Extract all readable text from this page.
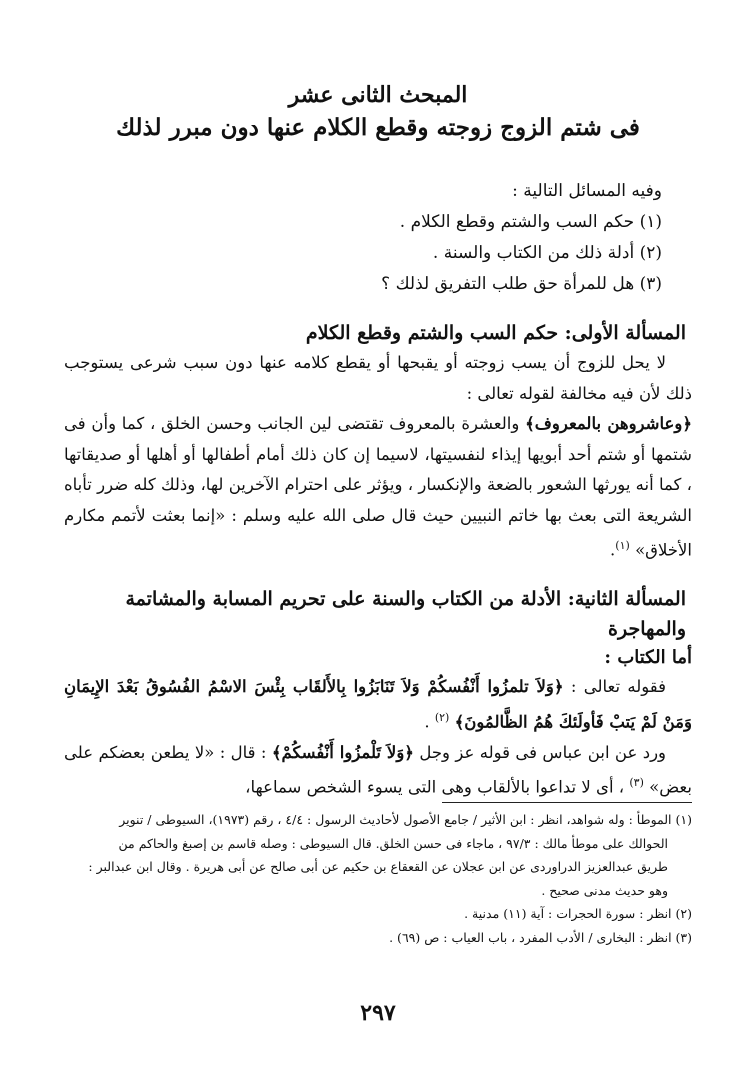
المبحث الثانى عشر
فى شتم الزوج زوجته وقطع الكلام عنها دون مبرر لذلك
وفيه المسائل التالية :
(١) حكم السب والشتم وقطع الكلام .
(٢) أدلة ذلك من الكتاب والسنة .
(٣) هل للمرأة حق طلب التفريق لذلك ؟
المسألة الأولى: حكم السب والشتم وقطع الكلام

لا يحل للزوج أن يسب زوجته أو يقبحها أو يقطع كلامه عنها دون سبب شرعى يستوجب ذلك لأن فيه مخالفة لقوله تعالى :

﴿وعاشروهن بالمعروف﴾ والعشرة بالمعروف تقتضى لين الجانب وحسن الخلق ، كما وأن فى شتمها أو شتم أحد أبويها إيذاء لنفسيتها، لاسيما إن كان ذلك أمام أطفالها أو أهلها أو صديقاتها ، كما أنه يورثها الشعور بالضعة والإنكسار ، ويؤثر على احترام الآخرين لها، وذلك كله ضرر تأباه الشريعة التى بعث بها خاتم النبيين حيث قال صلى الله عليه وسلم : «إنما بعثت لأتمم مكارم الأخلاق» $^{(١)}$.

المسألة الثانية: الأدلة من الكتاب والسنة على تحريم المسابة والمشاتمة والمهاجرة
أما الكتاب :

فقوله تعالى : ﴿وَلاَ تلمزُوا أَنْفُسكُمْ وَلاَ تَنَابَزُوا بِالأَلقَاب بِئْسَ الاسْمُ الفُسُوقُ بَعْدَ الإِيمَانِ وَمَنْ لَمْ يَتبْ فَأولَئكَ هُمُ الظَّالمُونَ﴾ $^{(٢)}$ .

ورد عن ابن عباس فى قوله عز وجل ﴿وَلاَ تَلْمزُوا أَنْفُسكُمْ﴾ : قال : «لا يطعن بعضكم على بعض» $^{(٣)}$ ، أى لا تداعوا بالألقاب وهى التى يسوء الشخص سماعها،

(١) الموطأ : وله شواهد، انظر : ابن الأثير / جامع الأصول لأحاديث الرسول : ٤/٤ ، رقم (١٩٧٣)، السيوطى / تنوير
الحوالك على موطأ مالك : ٩٧/٣ ، ماجاء فى حسن الخلق. قال السيوطى : وصله قاسم بن إصبغ والحاكم من
طريق عبدالعزيز الدراوردى عن ابن عجلان عن القعقاع بن حكيم عن أبى صالح عن أبى هريرة . وقال ابن عبدالبر :
وهو حديث مدنى صحيح .
(٢) انظر : سورة الحجرات : آية (١١) مدنية .
(٣) انظر : البخارى / الأدب المفرد ، باب العياب : ص (٦٩) .
٢٩٧
